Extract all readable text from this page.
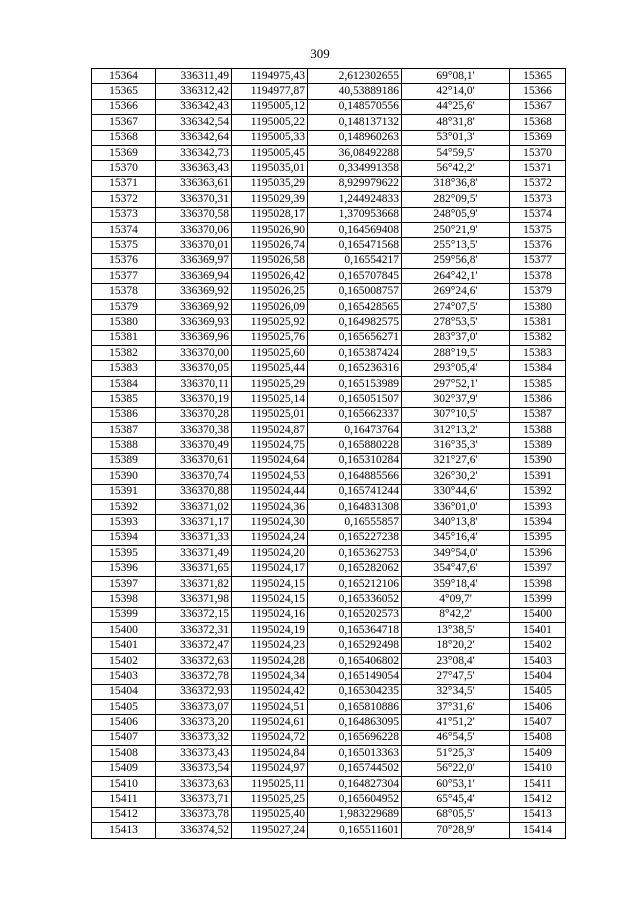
309
15364	336311,49	1194975,43	2,612302655	69°08,1'	15365
15365	336312,42	1194977,87	40,53889186	42°14,0'	15366
15366	336342,43	1195005,12	0,148570556	44°25,6'	15367
15367	336342,54	1195005,22	0,148137132	48°31,8'	15368
15368	336342,64	1195005,33	0,148960263	53°01,3'	15369
15369	336342,73	1195005,45	36,08492288	54°59,5'	15370
15370	336363,43	1195035,01	0,334991358	56°42,2'	15371
15371	336363,61	1195035,29	8,929979622	318°36,8'	15372
15372	336370,31	1195029,39	1,244924833	282°09,5'	15373
15373	336370,58	1195028,17	1,370953668	248°05,9'	15374
15374	336370,06	1195026,90	0,164569408	250°21,9'	15375
15375	336370,01	1195026,74	0,165471568	255°13,5'	15376
15376	336369,97	1195026,58	0,16554217	259°56,8'	15377
15377	336369,94	1195026,42	0,165707845	264°42,1'	15378
15378	336369,92	1195026,25	0,165008757	269°24,6'	15379
15379	336369,92	1195026,09	0,165428565	274°07,5'	15380
15380	336369,93	1195025,92	0,164982575	278°53,5'	15381
15381	336369,96	1195025,76	0,165656271	283°37,0'	15382
15382	336370,00	1195025,60	0,165387424	288°19,5'	15383
15383	336370,05	1195025,44	0,165236316	293°05,4'	15384
15384	336370,11	1195025,29	0,165153989	297°52,1'	15385
15385	336370,19	1195025,14	0,165051507	302°37,9'	15386
15386	336370,28	1195025,01	0,165662337	307°10,5'	15387
15387	336370,38	1195024,87	0,16473764	312°13,2'	15388
15388	336370,49	1195024,75	0,165880228	316°35,3'	15389
15389	336370,61	1195024,64	0,165310284	321°27,6'	15390
15390	336370,74	1195024,53	0,164885566	326°30,2'	15391
15391	336370,88	1195024,44	0,165741244	330°44,6'	15392
15392	336371,02	1195024,36	0,164831308	336°01,0'	15393
15393	336371,17	1195024,30	0,16555857	340°13,8'	15394
15394	336371,33	1195024,24	0,165227238	345°16,4'	15395
15395	336371,49	1195024,20	0,165362753	349°54,0'	15396
15396	336371,65	1195024,17	0,165282062	354°47,6'	15397
15397	336371,82	1195024,15	0,165212106	359°18,4'	15398
15398	336371,98	1195024,15	0,165336052	4°09,7'	15399
15399	336372,15	1195024,16	0,165202573	8°42,2'	15400
15400	336372,31	1195024,19	0,165364718	13°38,5'	15401
15401	336372,47	1195024,23	0,165292498	18°20,2'	15402
15402	336372,63	1195024,28	0,165406802	23°08,4'	15403
15403	336372,78	1195024,34	0,165149054	27°47,5'	15404
15404	336372,93	1195024,42	0,165304235	32°34,5'	15405
15405	336373,07	1195024,51	0,165810886	37°31,6'	15406
15406	336373,20	1195024,61	0,164863095	41°51,2'	15407
15407	336373,32	1195024,72	0,165696228	46°54,5'	15408
15408	336373,43	1195024,84	0,165013363	51°25,3'	15409
15409	336373,54	1195024,97	0,165744502	56°22,0'	15410
15410	336373,63	1195025,11	0,164827304	60°53,1'	15411
15411	336373,71	1195025,25	0,165604952	65°45,4'	15412
15412	336373,78	1195025,40	1,983229689	68°05,5'	15413
15413	336374,52	1195027,24	0,165511601	70°28,9'	15414
